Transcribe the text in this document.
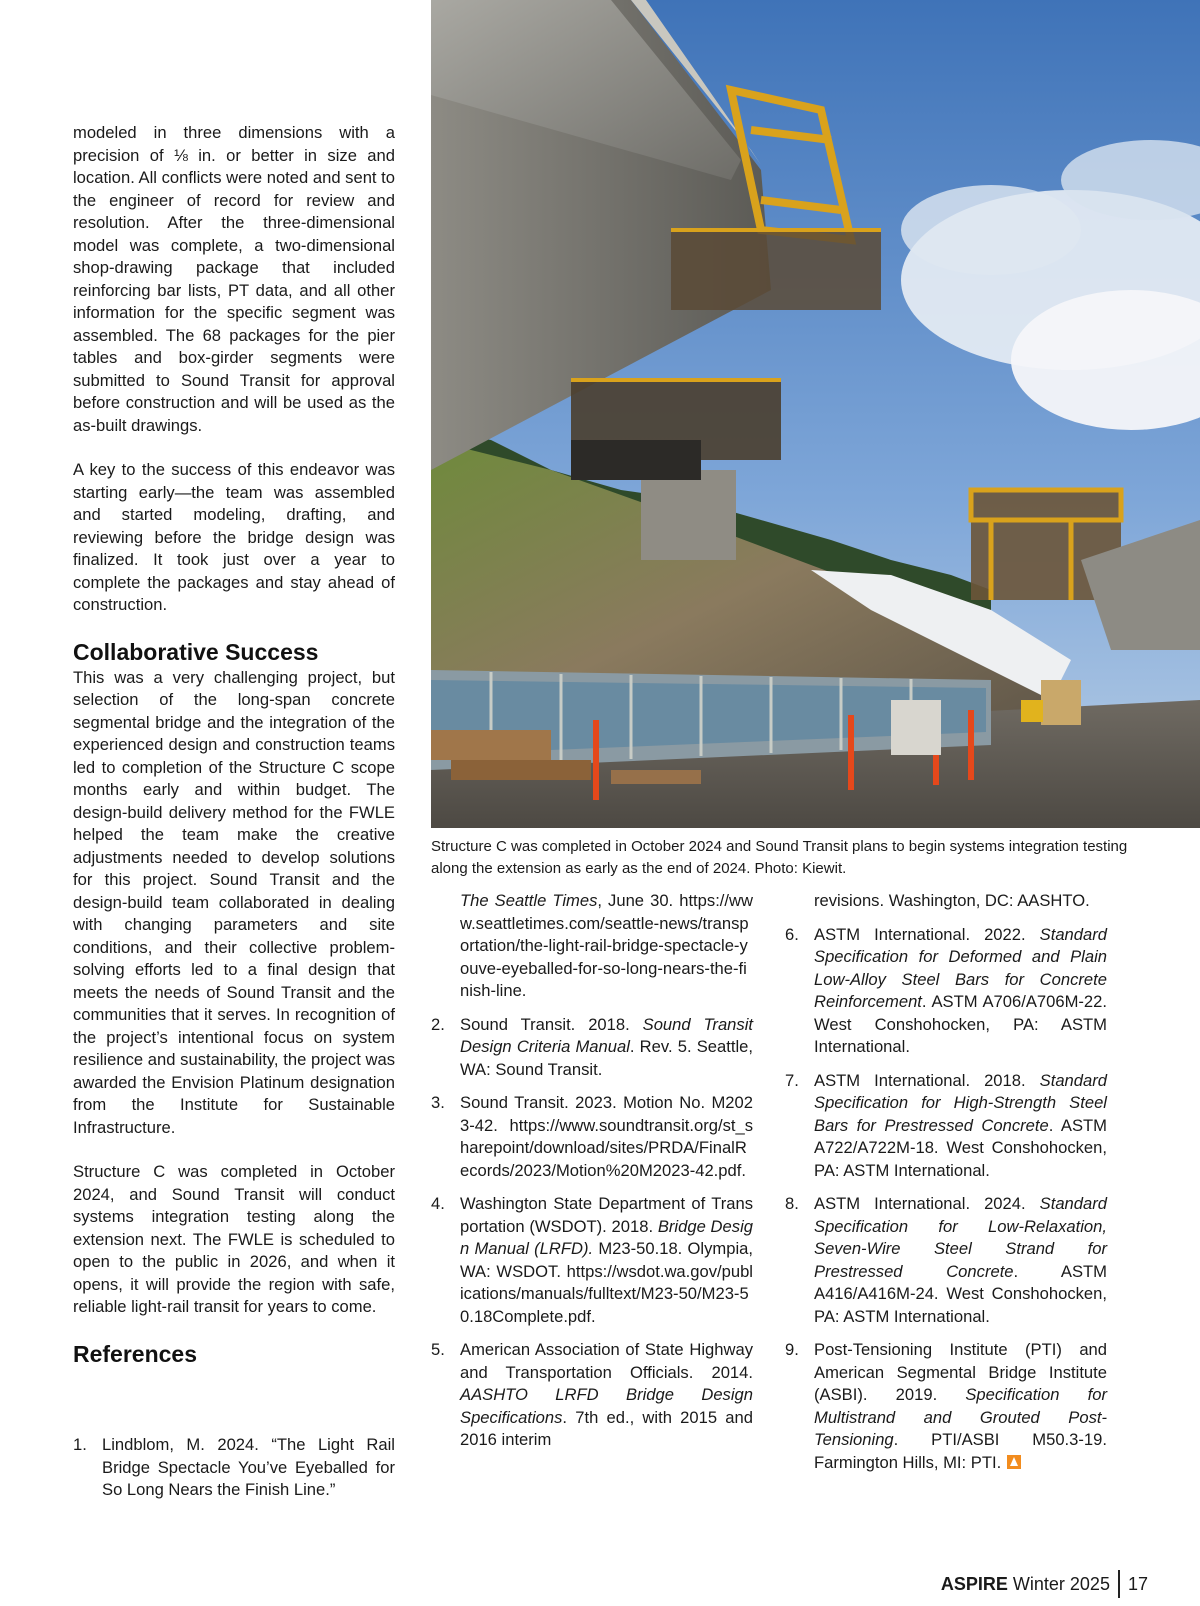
modeled in three dimensions with a precision of ⅛ in. or better in size and location. All conflicts were noted and sent to the engineer of record for review and resolution. After the three-dimensional model was complete, a two-dimensional shop-drawing package that included reinforcing bar lists, PT data, and all other information for the specific segment was assembled. The 68 packages for the pier tables and box-girder segments were submitted to Sound Transit for approval before construction and will be used as the as-built drawings.

A key to the success of this endeavor was starting early—the team was assembled and started modeling, drafting, and reviewing before the bridge design was finalized. It took just over a year to complete the packages and stay ahead of construction.

Collaborative Success

This was a very challenging project, but selection of the long-span concrete segmental bridge and the integration of the experienced design and construction teams led to completion of the Structure C scope months early and within budget. The design-build delivery method for the FWLE helped the team make the creative adjustments needed to develop solutions for this project. Sound Transit and the design-build team collaborated in dealing with changing parameters and site conditions, and their collective problem-solving efforts led to a final design that meets the needs of Sound Transit and the communities that it serves. In recognition of the project’s intentional focus on system resilience and sustainability, the project was awarded the Envision Platinum designation from the Institute for Sustainable Infrastructure.

Structure C was completed in October 2024, and Sound Transit will conduct systems integration testing along the extension next. The FWLE is scheduled to open to the public in 2026, and when it opens, it will provide the region with safe, reliable light-rail transit for years to come.

References
1. Lindblom, M. 2024. “The Light Rail Bridge Spectacle You’ve Eyeballed for So Long Nears the Finish Line.”
Structure C was completed in October 2024 and Sound Transit plans to begin systems integration testing along the extension as early as the end of 2024. Photo: Kiewit.
The Seattle Times, June 30. https://www.seattletimes.com/seattle-news/transportation/the-light-rail-bridge-spectacle-youve-eyeballed-for-so-long-nears-the-finish-line.
2. Sound Transit. 2018. Sound Transit Design Criteria Manual. Rev. 5. Seattle, WA: Sound Transit.
3. Sound Transit. 2023. Motion No. M2023-42. https://www.soundtransit.org/st_sharepoint/download/sites/PRDA/FinalRecords/2023/Motion%20M2023-42.pdf.
4. Washington State Department of Transportation (WSDOT). 2018. Bridge Design Manual (LRFD). M23-50.18. Olympia, WA: WSDOT. https://wsdot.wa.gov/publications/manuals/fulltext/M23-50/M23-50.18Complete.pdf.
5. American Association of State Highway and Transportation Officials. 2014. AASHTO LRFD Bridge Design Specifications. 7th ed., with 2015 and 2016 interim
revisions. Washington, DC: AASHTO.
6. ASTM International. 2022. Standard Specification for Deformed and Plain Low-Alloy Steel Bars for Concrete Reinforcement. ASTM A706/A706M-22. West Conshohocken, PA: ASTM International.
7. ASTM International. 2018. Standard Specification for High-Strength Steel Bars for Prestressed Concrete. ASTM A722/A722M-18. West Conshohocken, PA: ASTM International.
8. ASTM International. 2024. Standard Specification for Low-Relaxation, Seven-Wire Steel Strand for Prestressed Concrete. ASTM A416/A416M-24. West Conshohocken, PA: ASTM International.
9. Post-Tensioning Institute (PTI) and American Segmental Bridge Institute (ASBI). 2019. Specification for Multistrand and Grouted Post-Tensioning. PTI/ASBI M50.3-19. Farmington Hills, MI: PTI.
ASPIRE Winter 2025 17
